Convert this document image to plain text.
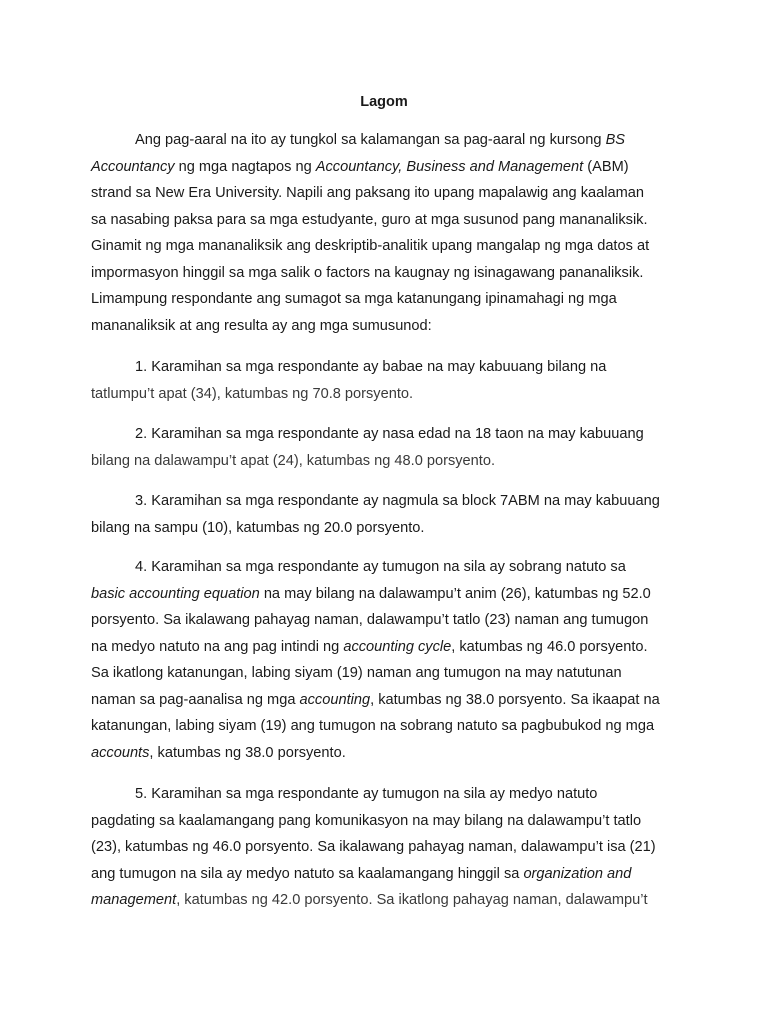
Lagom

Ang pag-aaral na ito ay tungkol sa kalamangan sa pag-aaral ng kursong BS
Accountancy ng mga nagtapos ng Accountancy, Business and Management (ABM)
strand sa New Era University. Napili ang paksang ito upang mapalawig ang kaalaman
sa nasabing paksa para sa mga estudyante, guro at mga susunod pang mananaliksik.
Ginamit ng mga mananaliksik ang deskriptib-analitik upang mangalap ng mga datos at
impormasyon hinggil sa mga salik o factors na kaugnay ng isinagawang pananaliksik.
Limampung respondante ang sumagot sa mga katanungang ipinamahagi ng mga
mananaliksik at ang resulta ay ang mga sumusunod:

1. Karamihan sa mga respondante ay babae na may kabuuang bilang na
tatlumpu’t apat (34), katumbas ng 70.8 porsyento.

2. Karamihan sa mga respondante ay nasa edad na 18 taon na may kabuuang
bilang na dalawampu’t apat (24), katumbas ng 48.0 porsyento.

3. Karamihan sa mga respondante ay nagmula sa block 7ABM na may kabuuang
bilang na sampu (10), katumbas ng 20.0 porsyento.

4. Karamihan sa mga respondante ay tumugon na sila ay sobrang natuto sa
basic accounting equation na may bilang na dalawampu’t anim (26), katumbas ng 52.0
porsyento. Sa ikalawang pahayag naman, dalawampu’t tatlo (23) naman ang tumugon
na medyo natuto na ang pag intindi ng accounting cycle, katumbas ng 46.0 porsyento.
Sa ikatlong katanungan, labing siyam (19) naman ang tumugon na may natutunan
naman sa pag-aanalisa ng mga accounting, katumbas ng 38.0 porsyento. Sa ikaapat na
katanungan, labing siyam (19) ang tumugon na sobrang natuto sa pagbubukod ng mga
accounts, katumbas ng 38.0 porsyento.

5. Karamihan sa mga respondante ay tumugon na sila ay medyo natuto
pagdating sa kaalamangang pang komunikasyon na may bilang na dalawampu’t tatlo
(23), katumbas ng 46.0 porsyento. Sa ikalawang pahayag naman, dalawampu’t isa (21)
ang tumugon na sila ay medyo natuto sa kaalamangang hinggil sa organization and
management, katumbas ng 42.0 porsyento. Sa ikatlong pahayag naman, dalawampu’t
